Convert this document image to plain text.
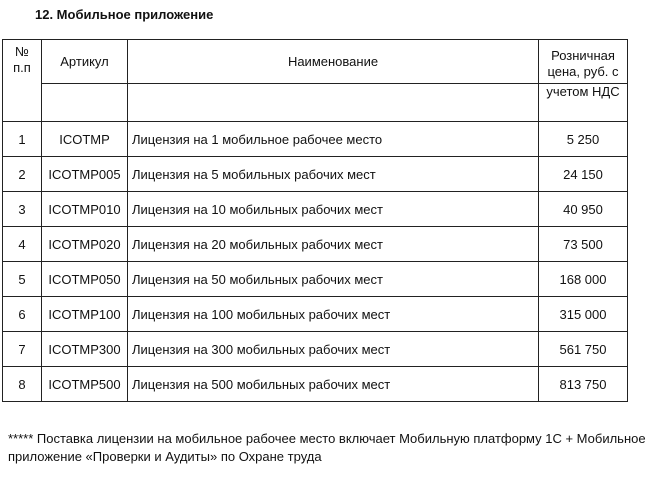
12. Мобильное приложение
№ п.п	Артикул	Наименование	Розничная цена, руб. с
			учетом НДС
1	ICOTMP	Лицензия на 1 мобильное рабочее место	5 250
2	ICOTMP005	Лицензия на 5 мобильных рабочих мест	24 150
3	ICOTMP010	Лицензия на 10 мобильных рабочих мест	40 950
4	ICOTMP020	Лицензия на 20 мобильных рабочих мест	73 500
5	ICOTMP050	Лицензия на 50 мобильных рабочих мест	168 000
6	ICOTMP100	Лицензия на 100 мобильных рабочих мест	315 000
7	ICOTMP300	Лицензия на 300 мобильных рабочих мест	561 750
8	ICOTMP500	Лицензия на 500 мобильных рабочих мест	813 750
***** Поставка лицензии на мобильное рабочее место включает Мобильную платформу 1С + Мобильное приложение «Проверки и Аудиты» по Охране труда
